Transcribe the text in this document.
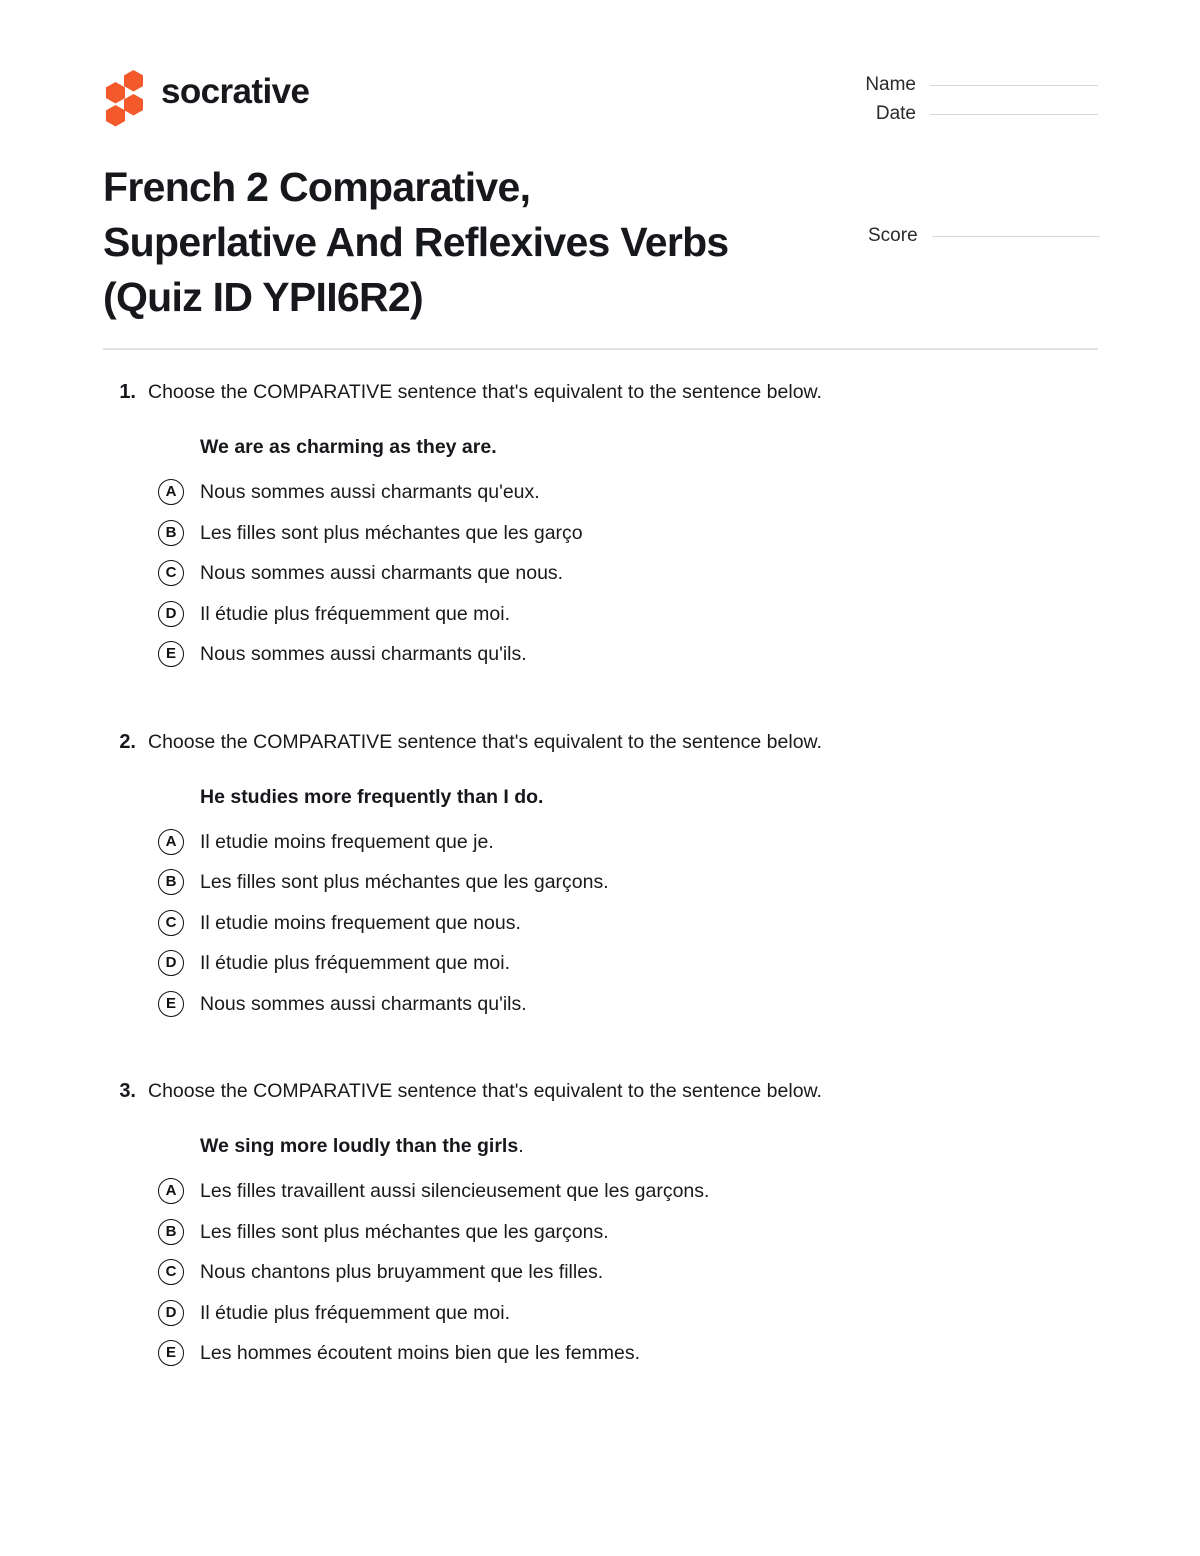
socrative	Name
Date
French 2 Comparative,
Superlative And Reflexives Verbs
(Quiz ID YPII6R2)
Score
1. Choose the COMPARATIVE sentence that's equivalent to the sentence below.
We are as charming as they are.
A	Nous sommes aussi charmants qu'eux.
B	Les filles sont plus méchantes que les garço
C	Nous sommes aussi charmants que nous.
D	Il étudie plus fréquemment que moi.
E	Nous sommes aussi charmants qu'ils.
2. Choose the COMPARATIVE sentence that's equivalent to the sentence below.
He studies more frequently than I do.
A	Il etudie moins frequement que je.
B	Les filles sont plus méchantes que les garçons.
C	Il etudie moins frequement que nous.
D	Il étudie plus fréquemment que moi.
E	Nous sommes aussi charmants qu'ils.
3. Choose the COMPARATIVE sentence that's equivalent to the sentence below.
We sing more loudly than the girls.
A	Les filles travaillent aussi silencieusement que les garçons.
B	Les filles sont plus méchantes que les garçons.
C	Nous chantons plus bruyamment que les filles.
D	Il étudie plus fréquemment que moi.
E	Les hommes écoutent moins bien que les femmes.
